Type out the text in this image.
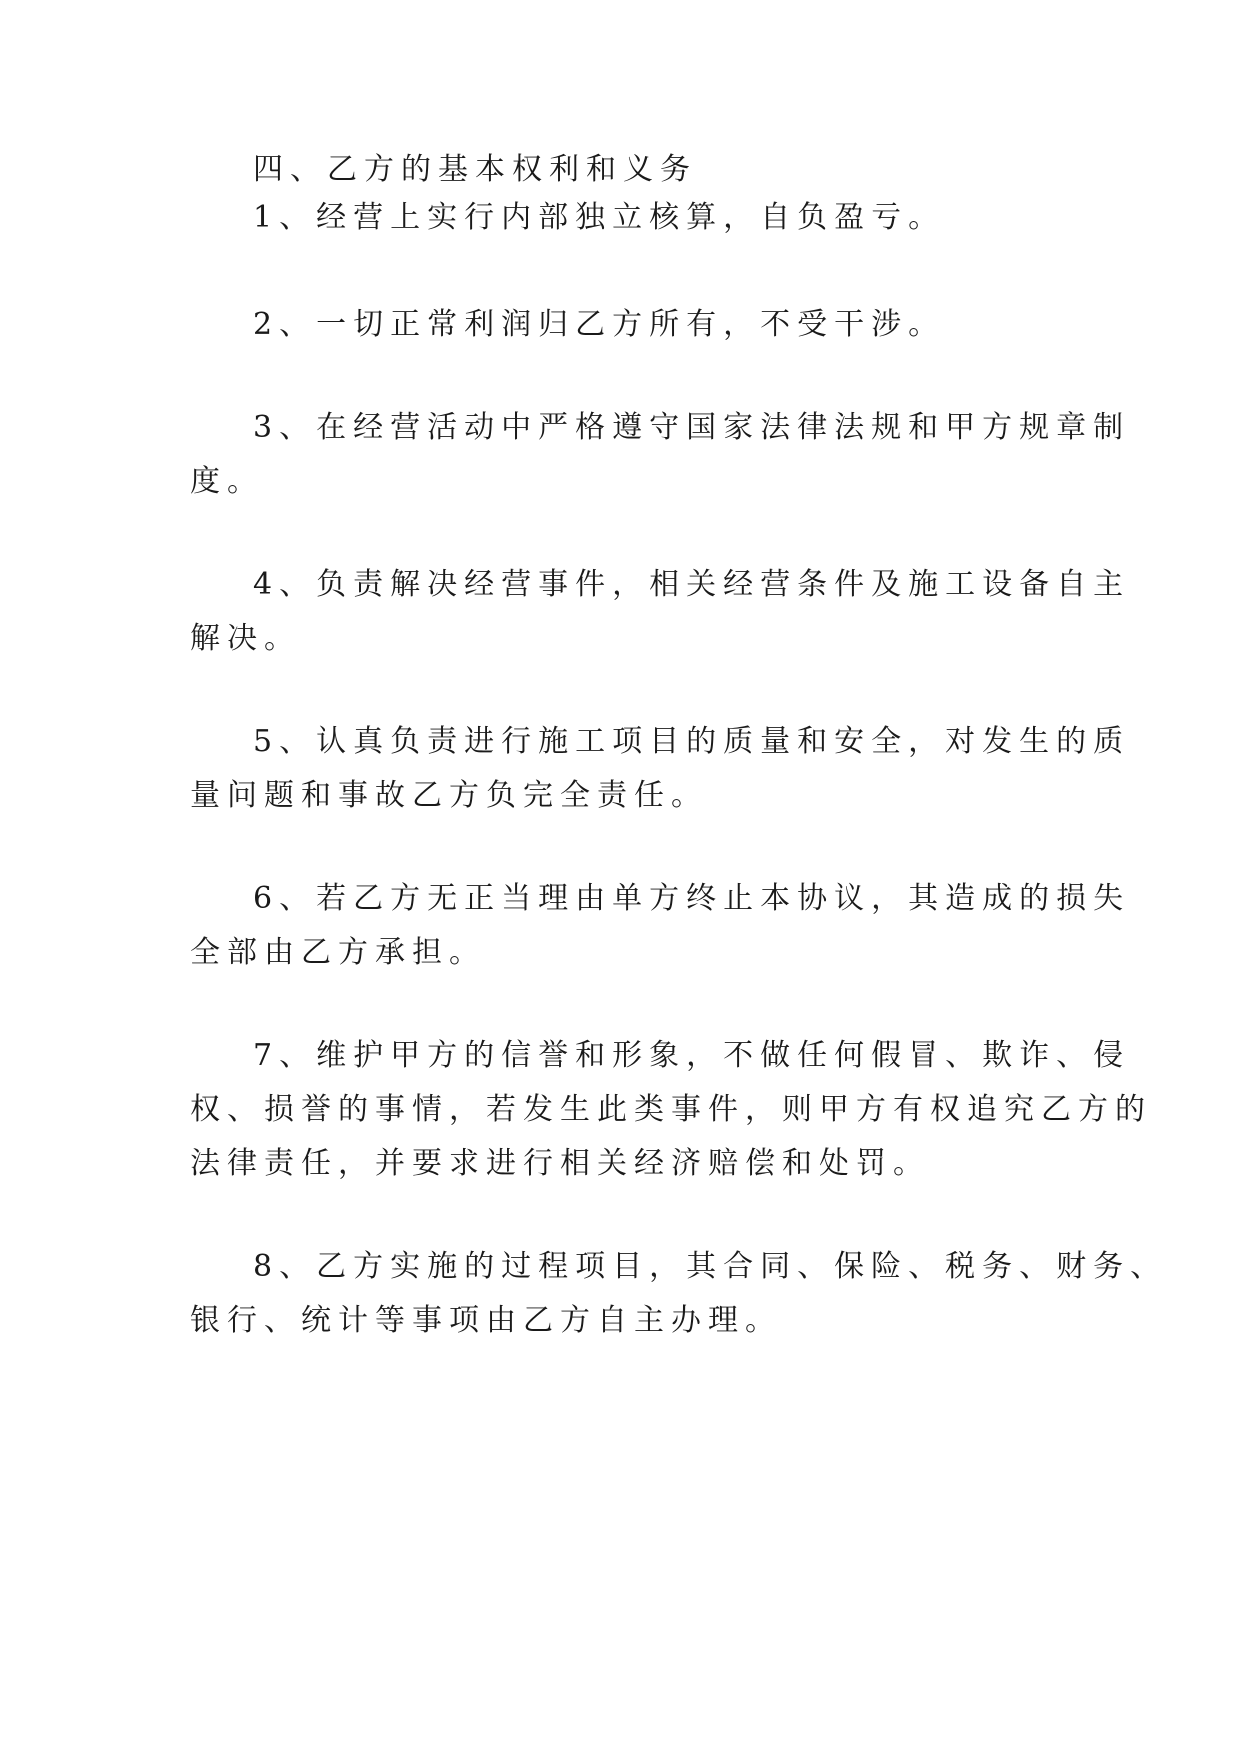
四、乙方的基本权利和义务
1、经营上实行内部独立核算，自负盈亏。
2、一切正常利润归乙方所有，不受干涉。
3、在经营活动中严格遵守国家法律法规和甲方规章制
度。
4、负责解决经营事件，相关经营条件及施工设备自主
解决。
5、认真负责进行施工项目的质量和安全，对发生的质
量问题和事故乙方负完全责任。
6、若乙方无正当理由单方终止本协议，其造成的损失
全部由乙方承担。
7、维护甲方的信誉和形象，不做任何假冒、欺诈、侵
权、损誉的事情，若发生此类事件，则甲方有权追究乙方的
法律责任，并要求进行相关经济赔偿和处罚。
8、乙方实施的过程项目，其合同、保险、税务、财务、
银行、统计等事项由乙方自主办理。
